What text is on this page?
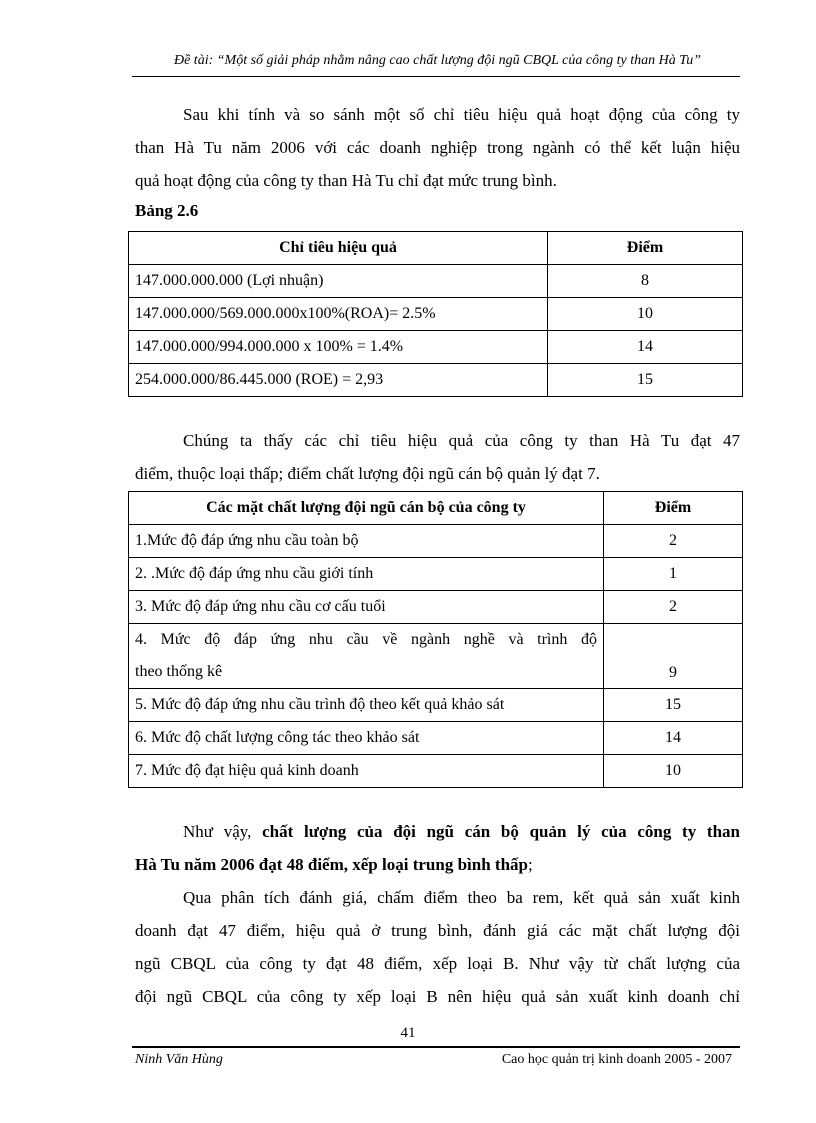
Đề tài: “Một số giải pháp nhằm nâng cao chất lượng đội ngũ CBQL của công ty than Hà Tu”
Sau khi tính và so sánh một số chỉ tiêu hiệu quả hoạt động của công ty
than Hà Tu năm 2006 với các doanh nghiệp trong ngành có thể kết luận hiệu
quả hoạt động của công ty than Hà Tu chỉ đạt mức trung bình.
Bảng 2.6
Chỉ tiêu hiệu quả	Điểm
147.000.000.000 (Lợi nhuận)	8
147.000.000/569.000.000x100%(ROA)= 2.5%	10
147.000.000/994.000.000 x 100% = 1.4%	14
254.000.000/86.445.000 (ROE) = 2,93	15
Chúng ta thấy các chỉ tiêu hiệu quả của công ty than Hà Tu đạt 47
điểm, thuộc loại thấp; điểm chất lượng đội ngũ cán bộ quản lý đạt 7.
Các mặt chất lượng đội ngũ cán bộ của công ty	Điểm
1.Mức độ đáp ứng nhu cầu toàn bộ	2
2. .Mức độ đáp ứng nhu cầu giới tính	1
3. Mức độ đáp ứng nhu cầu cơ cấu tuổi	2

4. Mức độ đáp ứng nhu cầu về ngành nghề và trình độ
theo thống kê	9
5. Mức độ đáp ứng nhu cầu trình độ theo kết quả khảo sát	15
6. Mức độ chất lượng công tác theo khảo sát	14
7. Mức độ đạt hiệu quả kinh doanh	10
Như vậy, chất lượng của đội ngũ cán bộ quản lý của công ty than
Hà Tu năm 2006 đạt 48 điểm, xếp loại trung bình thấp;
Qua phân tích đánh giá, chấm điểm theo ba rem, kết quả sản xuất kinh
doanh đạt 47 điểm, hiệu quả ở trung bình, đánh giá các mặt chất lượng đội
ngũ CBQL của công ty đạt 48 điểm, xếp loại B. Như vậy từ chất lượng của
đội ngũ CBQL của công ty xếp loại B nên hiệu quả sản xuất kinh doanh chỉ
41
Ninh Văn Hùng	Cao học quản trị kinh doanh 2005 - 2007
